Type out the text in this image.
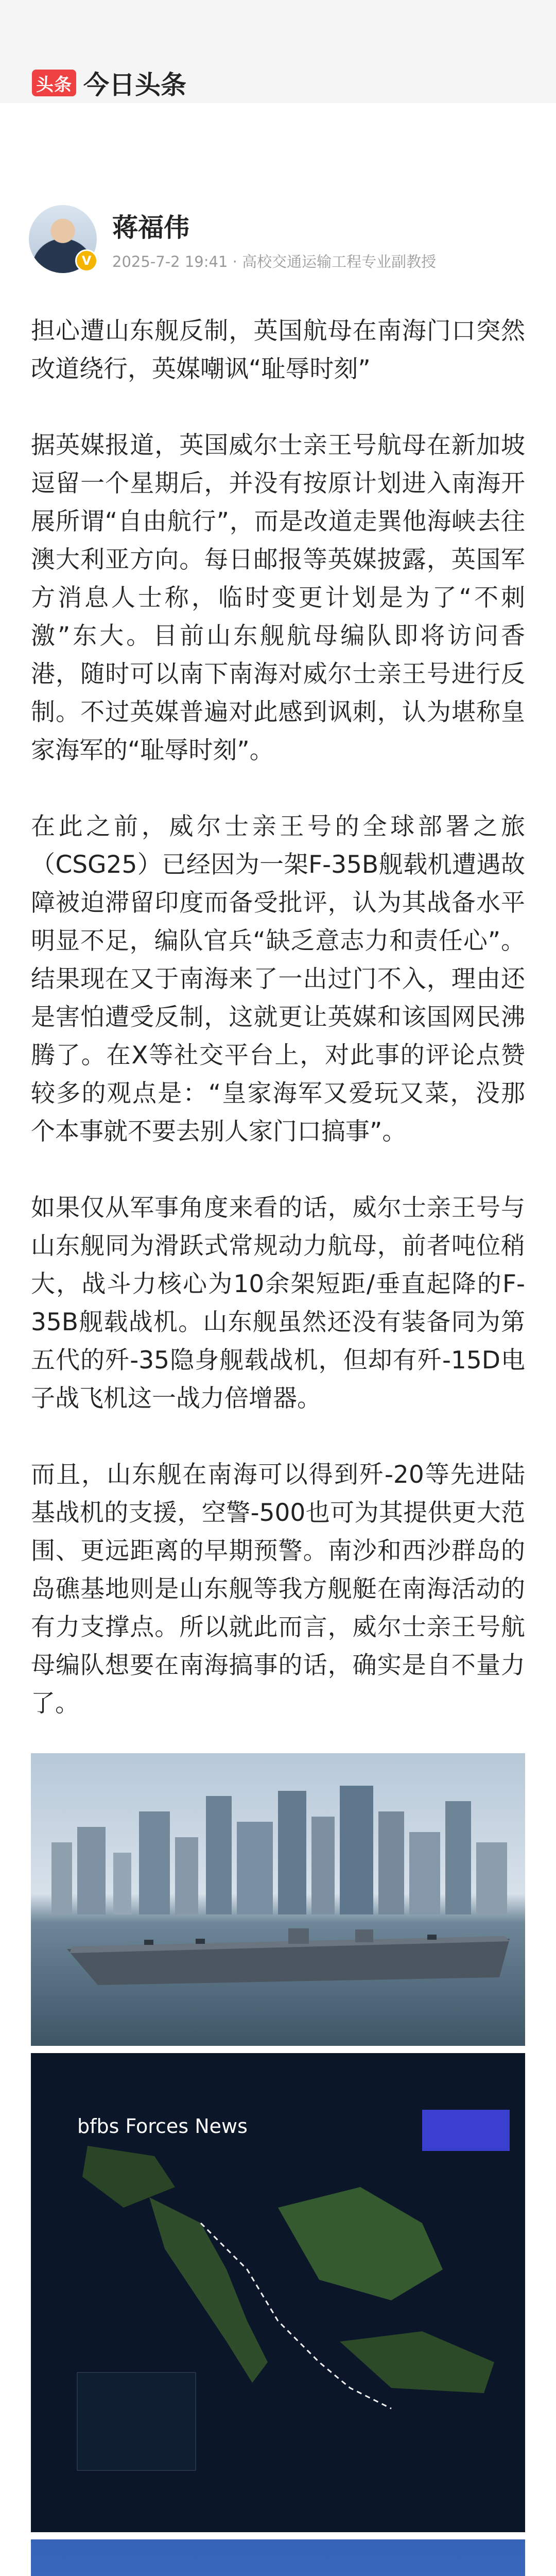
头条 今日头条
V
蒋福伟
2025-7-2 19:41 · 高校交通运输工程专业副教授

担心遭山东舰反制，英国航母在南海门口突然改道绕行，英媒嘲讽“耻辱时刻”

据英媒报道，英国威尔士亲王号航母在新加坡逗留一个星期后，并没有按原计划进入南海开展所谓“自由航行”，而是改道走巽他海峡去往澳大利亚方向。每日邮报等英媒披露，英国军方消息人士称，临时变更计划是为了“不刺激”东大。目前山东舰航母编队即将访问香港，随时可以南下南海对威尔士亲王号进行反制。不过英媒普遍对此感到讽刺，认为堪称皇家海军的“耻辱时刻”。

在此之前，威尔士亲王号的全球部署之旅（CSG25）已经因为一架F-35B舰载机遭遇故障被迫滞留印度而备受批评，认为其战备水平明显不足，编队官兵“缺乏意志力和责任心”。结果现在又于南海来了一出过门不入，理由还是害怕遭受反制，这就更让英媒和该国网民沸腾了。在X等社交平台上，对此事的评论点赞较多的观点是：“皇家海军又爱玩又菜，没那个本事就不要去别人家门口搞事”。

如果仅从军事角度来看的话，威尔士亲王号与山东舰同为滑跃式常规动力航母，前者吨位稍大，战斗力核心为10余架短距/垂直起降的F-35B舰载战机。山东舰虽然还没有装备同为第五代的歼-35隐身舰载战机，但却有歼-15D电子战飞机这一战力倍增器。

而且，山东舰在南海可以得到歼-20等先进陆基战机的支援，空警-500也可为其提供更大范围、更远距离的早期预警。南沙和西沙群岛的岛礁基地则是山东舰等我方舰艇在南海活动的有力支撑点。所以就此而言，威尔士亲王号航母编队想要在南海搞事的话，确实是自不量力了。

bfbs Forces News
